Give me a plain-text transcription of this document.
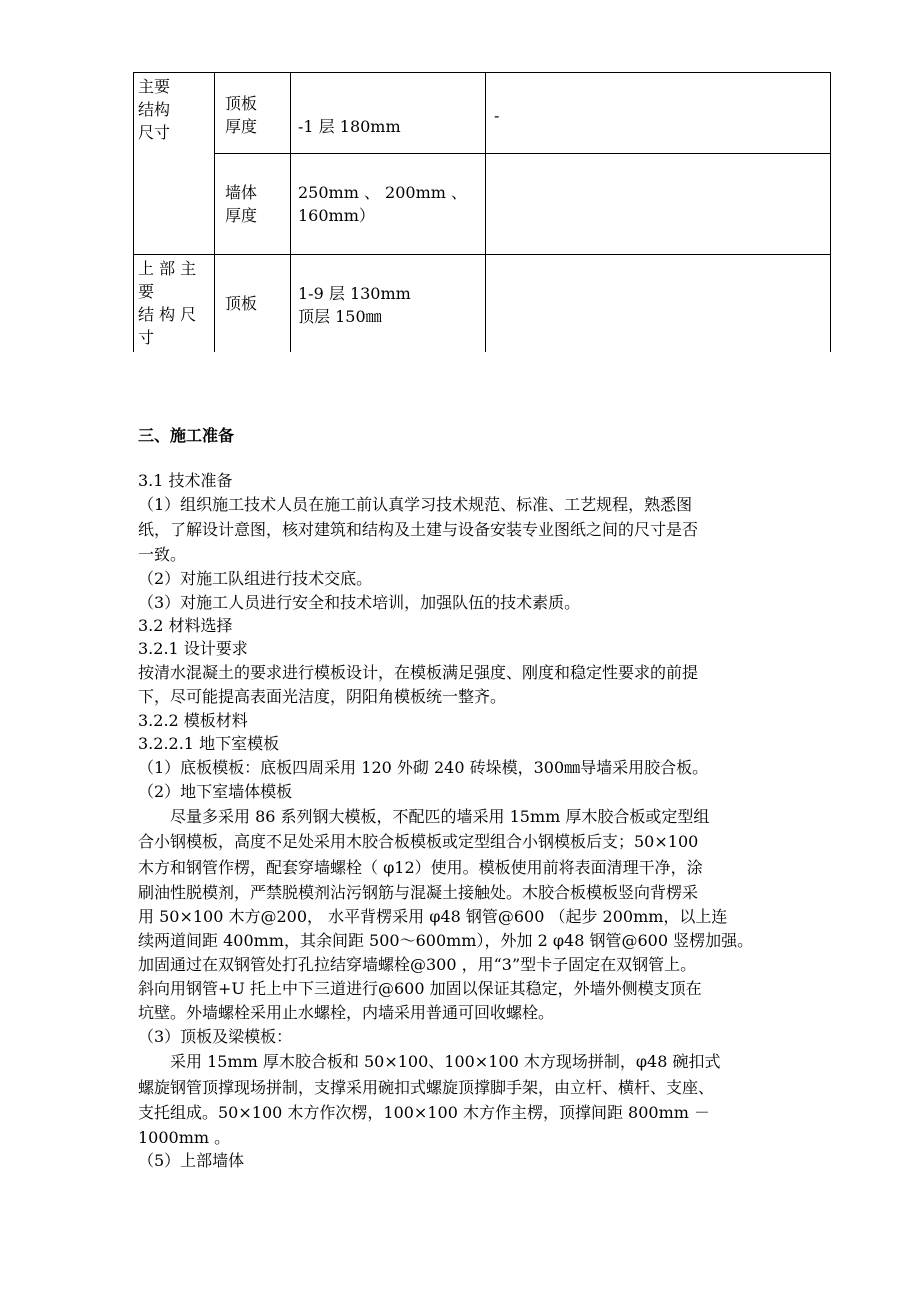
主要
结构
尺寸
顶板
厚度	-1 层 180mm
-
墙体
厚度
250mm 、 200mm 、
160mm）
上 部 主
要
结 构 尺
寸
顶板
1-9 层 130mm
顶层 150㎜
三、施工准备
3.1 技术准备
（1）组织施工技术人员在施工前认真学习技术规范、标准、工艺规程，熟悉图
纸，了解设计意图，核对建筑和结构及土建与设备安装专业图纸之间的尺寸是否
一致。
（2）对施工队组进行技术交底。
（3）对施工人员进行安全和技术培训，加强队伍的技术素质。
3.2 材料选择
3.2.1 设计要求
按清水混凝土的要求进行模板设计，在模板满足强度、刚度和稳定性要求的前提
下，尽可能提高表面光洁度，阴阳角模板统一整齐。
3.2.2 模板材料
3.2.2.1 地下室模板
（1）底板模板：底板四周采用 120 外砌 240 砖垛模，300㎜导墙采用胶合板。
（2）地下室墙体模板
尽量多采用 86 系列钢大模板，不配匹的墙采用 15mm 厚木胶合板或定型组
合小钢模板，高度不足处采用木胶合板模板或定型组合小钢模板后支；50×100
木方和钢管作楞，配套穿墙螺栓（ φ12）使用。模板使用前将表面清理干净，涂
刷油性脱模剂，严禁脱模剂沾污钢筋与混凝土接触处。木胶合板模板竖向背楞采
用 50×100 木方@200， 水平背楞采用 φ48 钢管@600 （起步 200mm，以上连
续两道间距 400mm，其余间距 500～600mm），外加 2 φ48 钢管@600 竖楞加强。
加固通过在双钢管处打孔拉结穿墙螺栓@300 ，用“3”型卡子固定在双钢管上。
斜向用钢管+U 托上中下三道进行@600 加固以保证其稳定，外墙外侧模支顶在
坑壁。外墙螺栓采用止水螺栓，内墙采用普通可回收螺栓。
（3）顶板及梁模板：
采用 15mm 厚木胶合板和 50×100、100×100 木方现场拼制，φ48 碗扣式
螺旋钢管顶撑现场拼制，支撑采用碗扣式螺旋顶撑脚手架，由立杆、横杆、支座、
支托组成。50×100 木方作次楞，100×100 木方作主楞，顶撑间距 800mm －
1000mm 。
（5）上部墙体
